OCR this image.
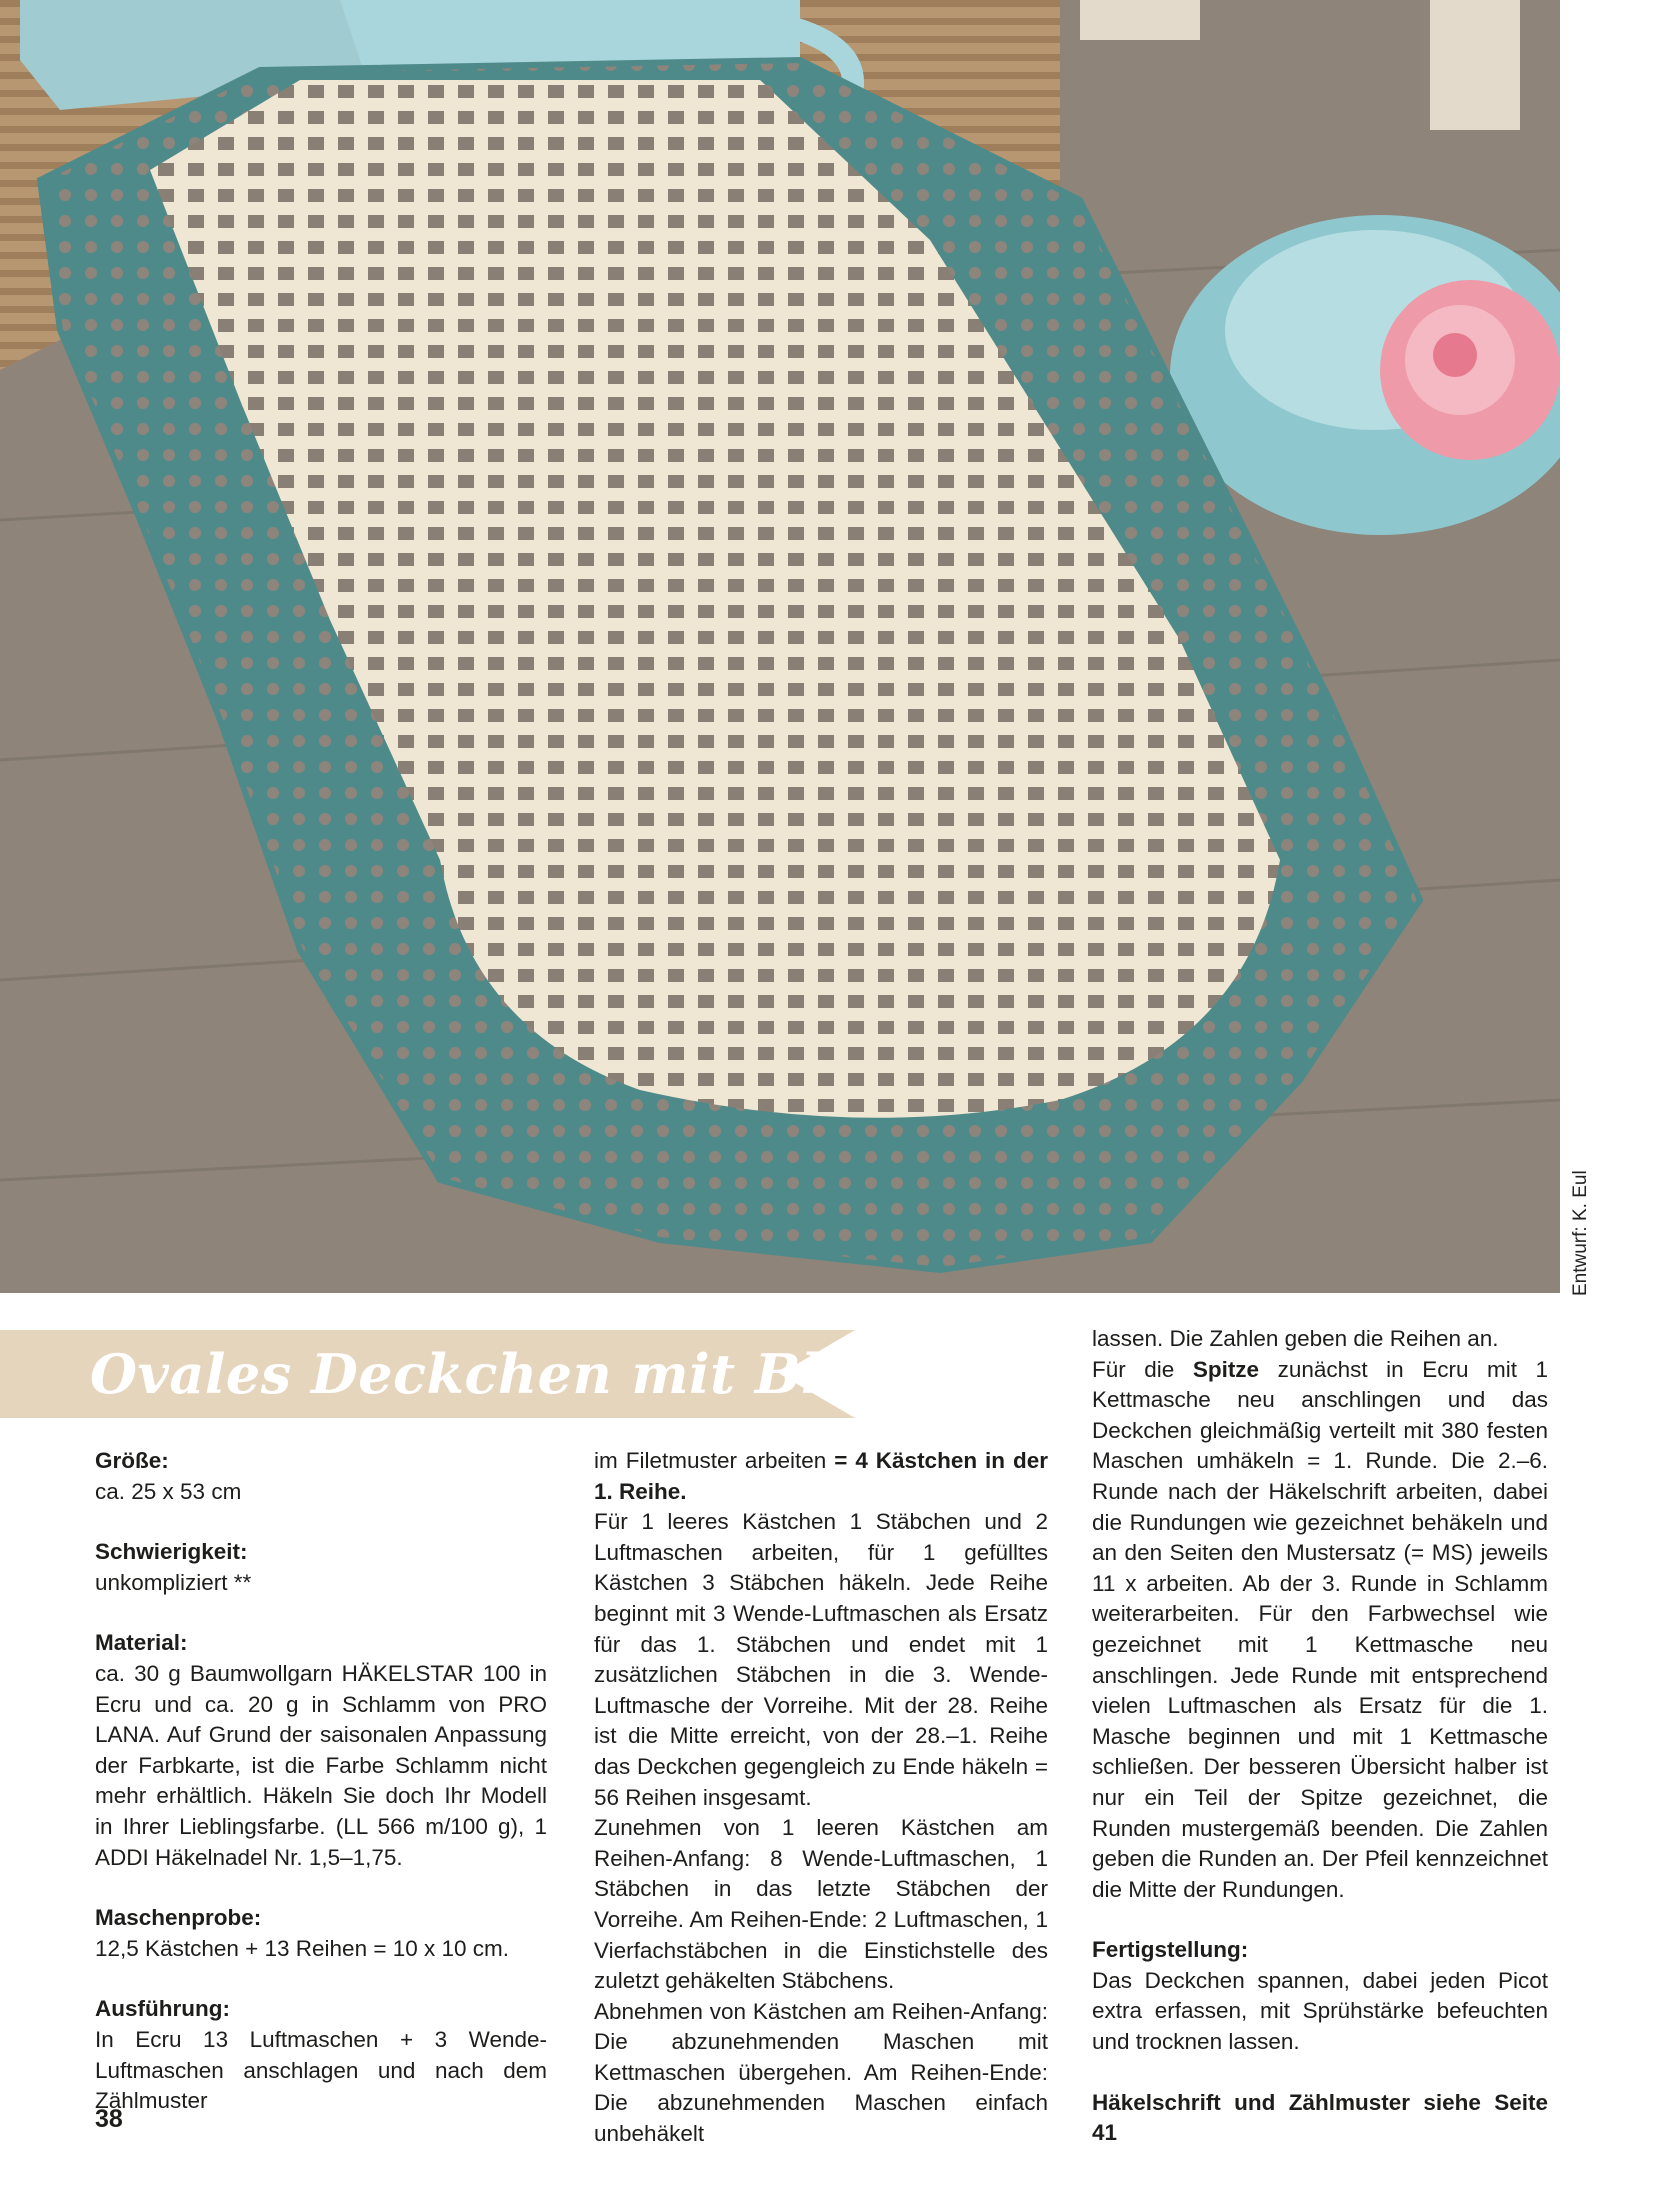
Entwurf: K. Eul
Ovales Deckchen mit Blüten
Größe:
ca. 25 x 53 cm
Schwierigkeit:
unkompliziert **
Material:
ca. 30 g Baumwollgarn HÄKELSTAR 100 in Ecru und ca. 20 g in Schlamm von PRO LANA. Auf Grund der saisonalen Anpassung der Farbkarte, ist die Farbe Schlamm nicht mehr erhältlich. Häkeln Sie doch Ihr Modell in Ihrer Lieblingsfarbe. (LL 566 m/100 g), 1 ADDI Häkelnadel Nr. 1,5–1,75.
Maschenprobe:
12,5 Kästchen + 13 Reihen = 10 x 10 cm.
Ausführung:
In Ecru 13 Luftmaschen + 3 Wende-Luftmaschen anschlagen und nach dem Zählmuster
im Filetmuster arbeiten = 4 Kästchen in der 1. Reihe.
Für 1 leeres Kästchen 1 Stäbchen und 2 Luftmaschen arbeiten, für 1 gefülltes Kästchen 3 Stäbchen häkeln. Jede Reihe beginnt mit 3 Wende-Luftmaschen als Ersatz für das 1. Stäbchen und endet mit 1 zusätzlichen Stäbchen in die 3. Wende-Luftmasche der Vorreihe. Mit der 28. Reihe ist die Mitte erreicht, von der 28.–1. Reihe das Deckchen gegengleich zu Ende häkeln = 56 Reihen insgesamt.
Zunehmen von 1 leeren Kästchen am Reihen-Anfang: 8 Wende-Luftmaschen, 1 Stäbchen in das letzte Stäbchen der Vorreihe. Am Reihen-Ende: 2 Luftmaschen, 1 Vierfachstäbchen in die Einstichstelle des zuletzt gehäkelten Stäbchens.
Abnehmen von Kästchen am Reihen-Anfang: Die abzunehmenden Maschen mit Kettmaschen übergehen. Am Reihen-Ende: Die abzunehmenden Maschen einfach unbehäkelt
lassen. Die Zahlen geben die Reihen an.
Für die Spitze zunächst in Ecru mit 1 Kettmasche neu anschlingen und das Deckchen gleichmäßig verteilt mit 380 festen Maschen umhäkeln = 1. Runde. Die 2.–6. Runde nach der Häkelschrift arbeiten, dabei die Rundungen wie gezeichnet behäkeln und an den Seiten den Mustersatz (= MS) jeweils 11 x arbeiten. Ab der 3. Runde in Schlamm weiterarbeiten. Für den Farbwechsel wie gezeichnet mit 1 Kettmasche neu anschlingen. Jede Runde mit entsprechend vielen Luftmaschen als Ersatz für die 1. Masche beginnen und mit 1 Kettmasche schließen. Der besseren Übersicht halber ist nur ein Teil der Spitze gezeichnet, die Runden mustergemäß beenden. Die Zahlen geben die Runden an. Der Pfeil kennzeichnet die Mitte der Rundungen.
Fertigstellung:
Das Deckchen spannen, dabei jeden Picot extra erfassen, mit Sprühstärke befeuchten und trocknen lassen.
Häkelschrift und Zählmuster siehe Seite 41
38
